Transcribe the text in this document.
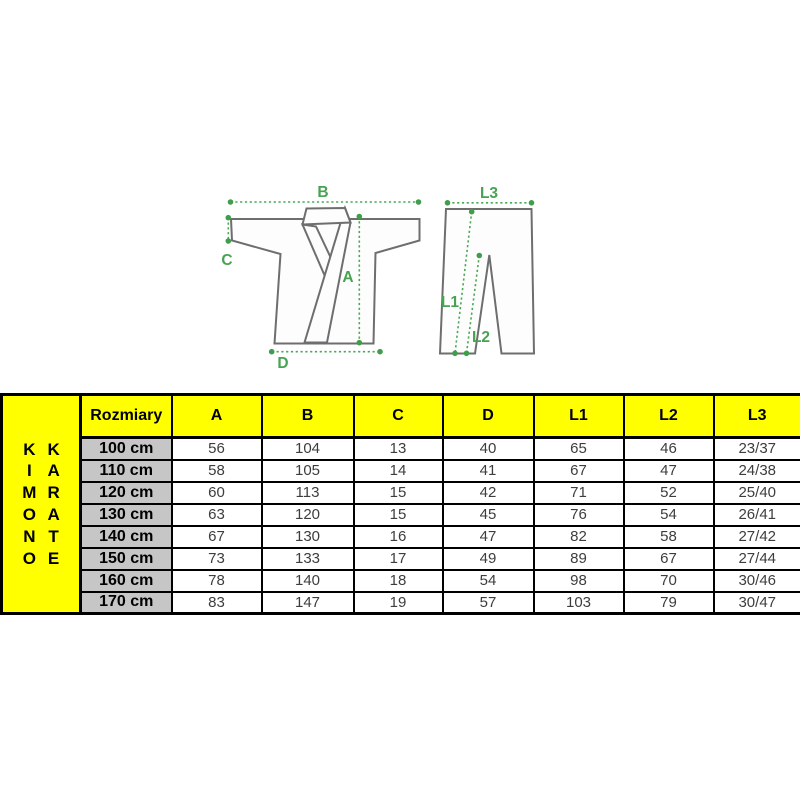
B
C
A
D
L3
L1
L2
K
I
M
O
N
O
K
A
R
A
T
E
	Rozmiary	A	B	C	D	L1	L2	L3
	100 cm	56	104	13	40	65	46	23/37
	110 cm	58	105	14	41	67	47	24/38
	120 cm	60	113	15	42	71	52	25/40
	130 cm	63	120	15	45	76	54	26/41
	140 cm	67	130	16	47	82	58	27/42
	150 cm	73	133	17	49	89	67	27/44
	160 cm	78	140	18	54	98	70	30/46
	170 cm	83	147	19	57	103	79	30/47
